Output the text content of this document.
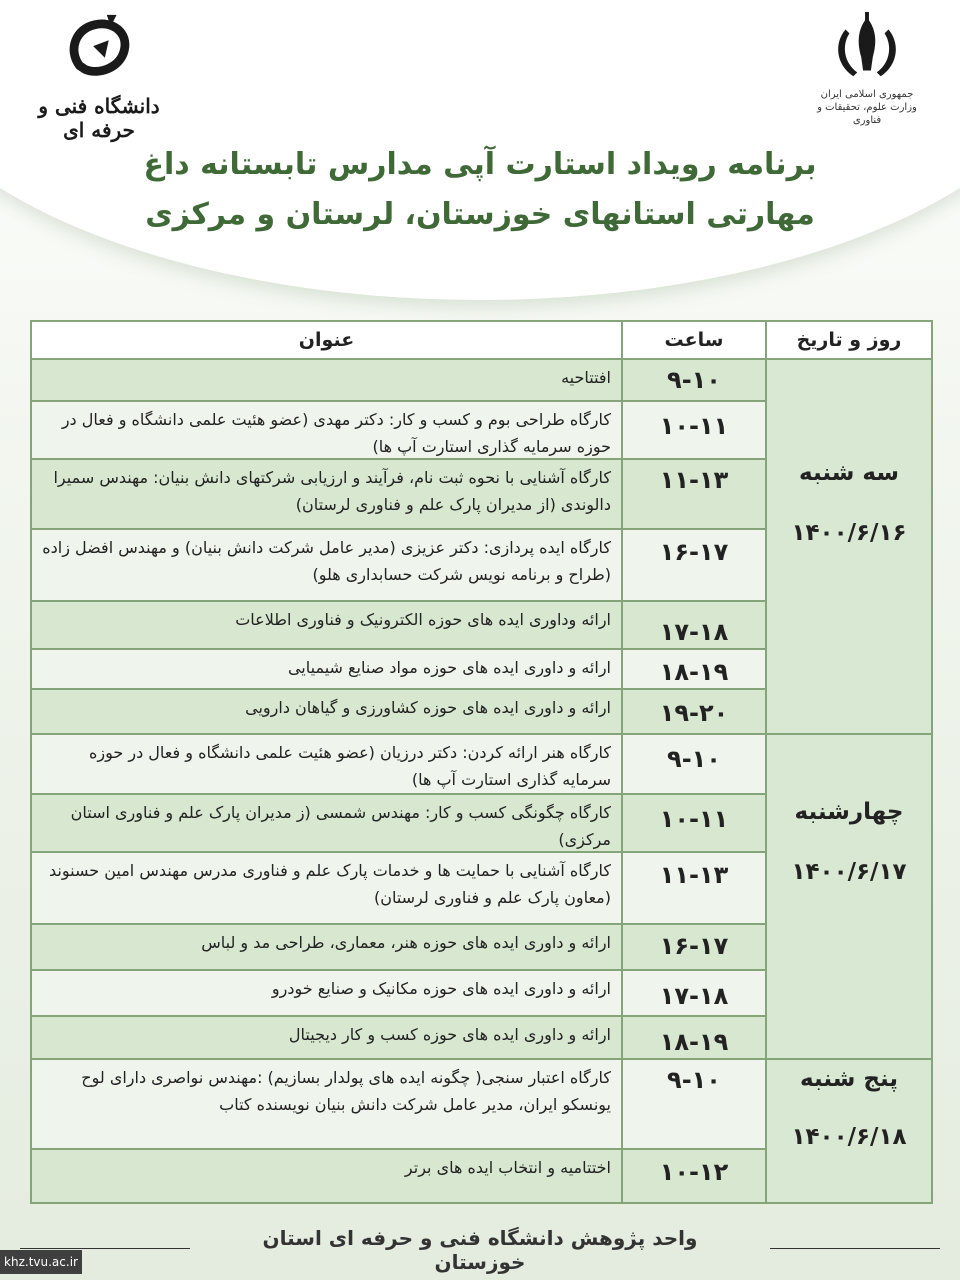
جمهوری اسلامی ایران
وزارت علوم، تحقیقات و فناوری
دانشگاه فنی و حرفه ای
برنامه رویداد استارت آپی مدارس تابستانه داغ
مهارتی استانهای خوزستان، لرستان و مرکزی
روز و تاریخ
ساعت
عنوان
سه شنبه
۱۴۰۰/۶/۱۶
چهارشنبه
۱۴۰۰/۶/۱۷
پنج شنبه
۱۴۰۰/۶/۱۸
۹-۱۰
افتتاحیه
۱۰-۱۱
کارگاه طراحی بوم و کسب و کار: دکتر مهدی (عضو هئیت علمی دانشگاه و فعال در حوزه سرمایه گذاری استارت آپ ها)
۱۱-۱۳
کارگاه آشنایی با نحوه ثبت نام، فرآیند و ارزیابی شرکتهای دانش بنیان: مهندس سمیرا دالوندی (از مدیران پارک علم و فناوری لرستان)
۱۶-۱۷
کارگاه ایده پردازی: دکتر عزیزی (مدیر عامل شرکت دانش بنیان) و مهندس افضل زاده (طراح و برنامه نویس شرکت حسابداری هلو)
۱۷-۱۸
ارائه وداوری ایده های حوزه الکترونیک و فناوری اطلاعات
۱۸-۱۹
ارائه و داوری ایده های حوزه مواد صنایع شیمیایی
۱۹-۲۰
ارائه و داوری ایده های حوزه کشاورزی و گیاهان دارویی
۹-۱۰
کارگاه هنر ارائه کردن: دکتر درزیان (عضو هئیت علمی دانشگاه و فعال در حوزه سرمایه گذاری استارت آپ ها)
۱۰-۱۱
کارگاه چگونگی کسب و کار: مهندس شمسی (ز مدیران پارک علم و فناوری استان مرکزی)
۱۱-۱۳
کارگاه آشنایی با حمایت ها و خدمات پارک علم و فناوری مدرس مهندس امین حسنوند (معاون پارک علم و فناوری لرستان)
۱۶-۱۷
ارائه و داوری ایده های حوزه هنر، معماری، طراحی مد و لباس
۱۷-۱۸
ارائه و داوری ایده های حوزه مکانیک و صنایع خودرو
۱۸-۱۹
ارائه و داوری ایده های حوزه کسب و کار دیجیتال
۹-۱۰
کارگاه اعتبار سنجی( چگونه ایده های پولدار بسازیم) :مهندس نواصری دارای لوح یونسکو ایران، مدیر عامل شرکت دانش بنیان نویسنده کتاب
۱۰-۱۲
اختتامیه و انتخاب ایده های برتر
واحد پژوهش دانشگاه فنی و حرفه ای استان خوزستان
khz.tvu.ac.ir
